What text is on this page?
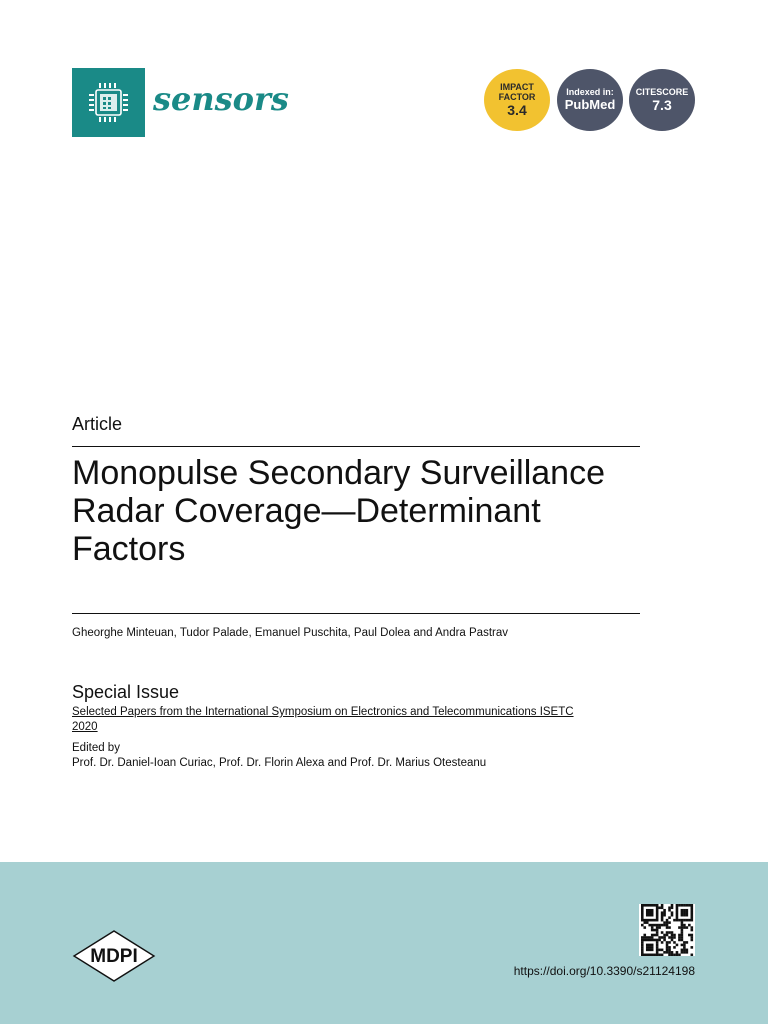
sensors	IMPACT
FACTOR
3.4
Indexed in:
PubMed
CITESCORE
7.3
Article
Monopulse Secondary Surveillance
Radar Coverage—Determinant
Factors
Gheorghe Minteuan, Tudor Palade, Emanuel Puschita, Paul Dolea and Andra Pastrav
Special Issue
Selected Papers from the International Symposium on Electronics and Telecommunications ISETC
2020
Edited by
Prof. Dr. Daniel-Ioan Curiac, Prof. Dr. Florin Alexa and Prof. Dr. Marius Otesteanu
MDPI
https://doi.org/10.3390/s21124198
